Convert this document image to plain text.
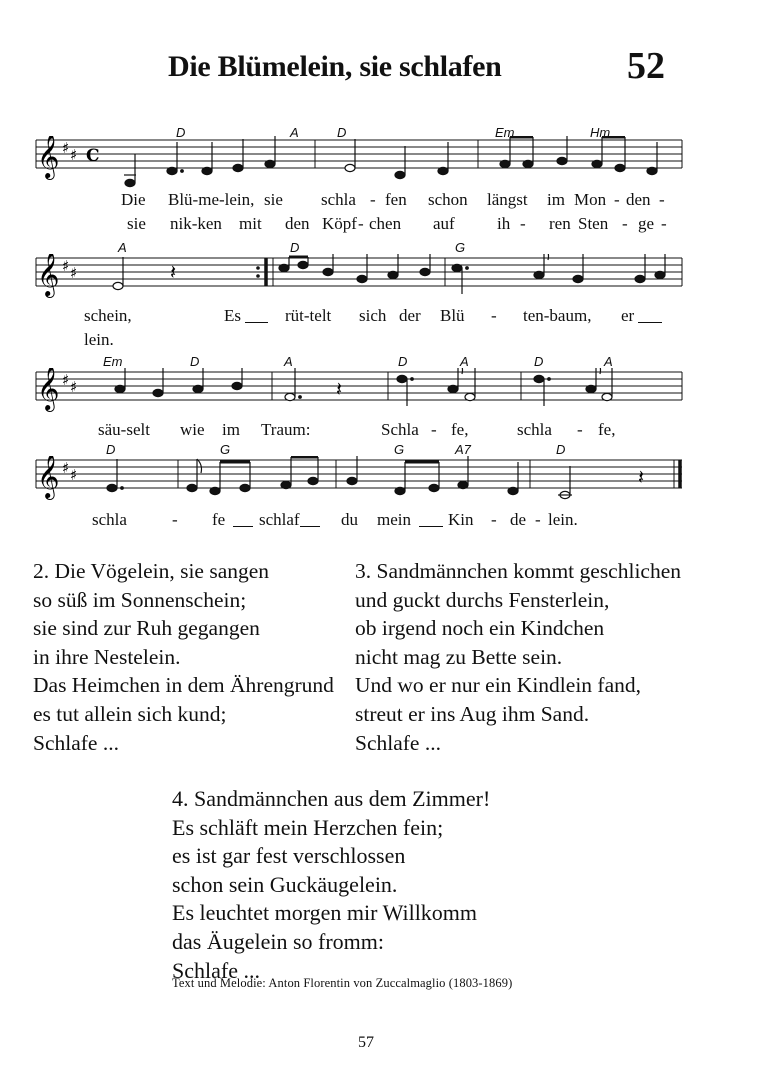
Die Blümelein, sie schlafen	52
D	A	D	Em	Hm
𝄞 ♯ ♯ C
Die Blü-me-lein, sie schla - fen schon längst im Mon - den -
sie nik-ken mit den Köpf - chen auf ih - ren Sten - ge -
A	D	G
𝄞 ♯ ♯	𝄽
schein,	Es	rüt-telt sich der Blü - ten-baum, er
lein.
Em	D	A	D	A	D	A
𝄞 ♯ ♯	𝄽
säu-selt wie im Traum:	Schla - fe,	schla - fe,
D	G	G	A7	D
𝄞 ♯ ♯	𝄽
schla	- fe schlaf du mein Kin - de - lein.
2. Die Vögelein, sie sangen
so süß im Sonnenschein;
sie sind zur Ruh gegangen
in ihre Nestelein.
Das Heimchen in dem Ährengrund
es tut allein sich kund;
Schlafe ...
3. Sandmännchen kommt geschlichen
und guckt durchs Fensterlein,
ob irgend noch ein Kindchen
nicht mag zu Bette sein.
Und wo er nur ein Kindlein fand,
streut er ins Aug ihm Sand.
Schlafe ...
4. Sandmännchen aus dem Zimmer!
Es schläft mein Herzchen fein;
es ist gar fest verschlossen
schon sein Guckäugelein.
Es leuchtet morgen mir Willkomm
das Äugelein so fromm:
Schlafe ...
Text und Melodie: Anton Florentin von Zuccalmaglio (1803-1869)
57
